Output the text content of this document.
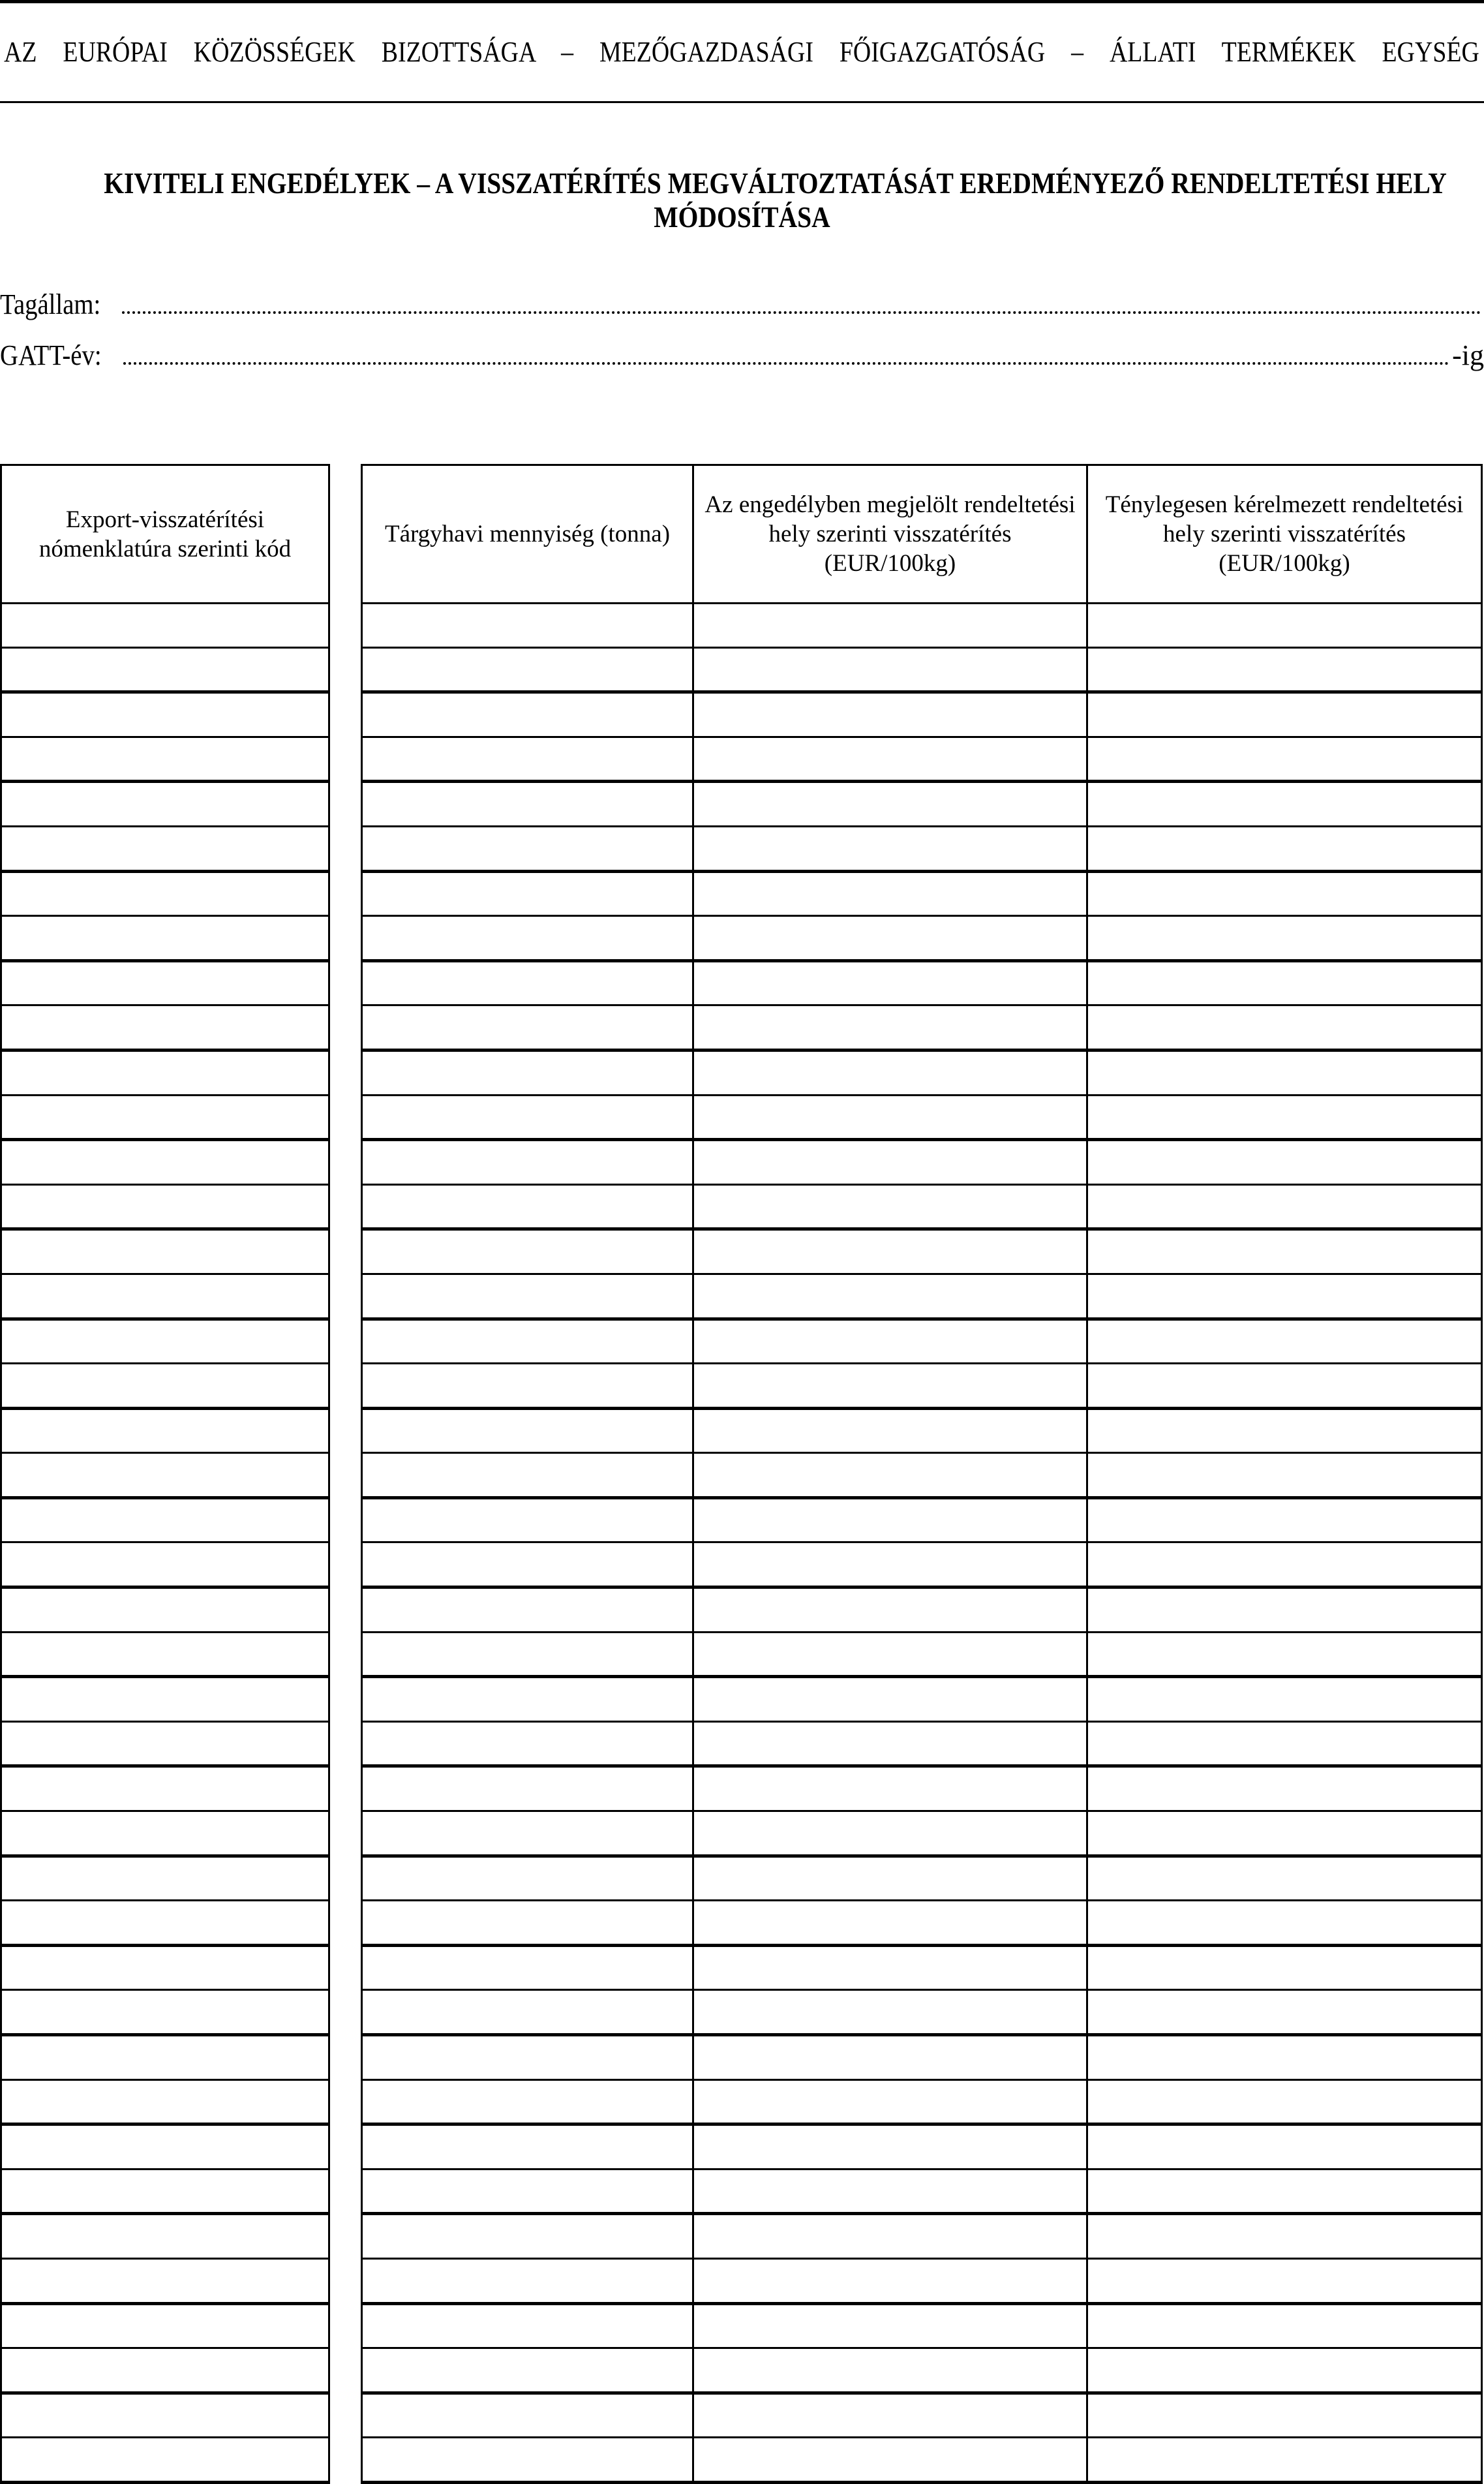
AZ EURÓPAI KÖZÖSSÉGEK BIZOTTSÁGA – MEZŐGAZDASÁGI FŐIGAZGATÓSÁG – ÁLLATI TERMÉKEK EGYSÉG
KIVITELI ENGEDÉLYEK – A VISSZATÉRÍTÉS MEGVÁLTOZTATÁSÁT EREDMÉNYEZŐ RENDELTETÉSI HELY
MÓDOSÍTÁSA
Tagállam:
GATT-év:	-ig
Export-visszatérítési nómenklatúra szerinti kód

Tárgyhavi mennyiség (tonna)	Az engedélyben megjelölt rendeltetési hely szerinti visszatérítés (EUR/100kg)	Ténylegesen kérelmezett rendeltetési hely szerinti visszatérítés (EUR/100kg)
